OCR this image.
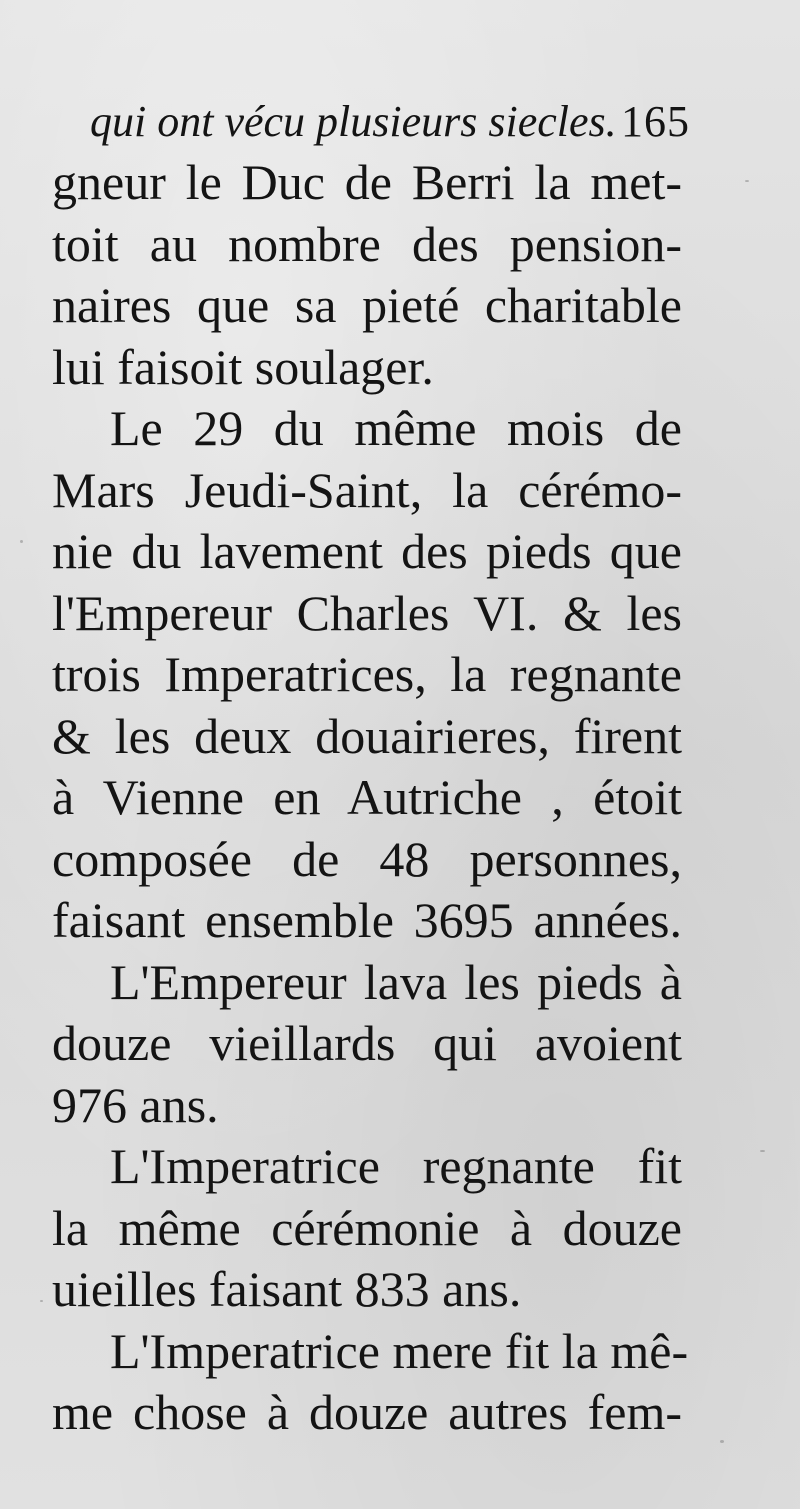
qui ont vécu plusieurs siecles. 165
gneur le Duc de Berri la met-
toit au nombre des pension-
naires que sa pieté charitable
lui faisoit soulager.
Le 29 du même mois de
Mars Jeudi-Saint, la cérémo-
nie du lavement des pieds que
l'Empereur Charles VI. & les
trois Imperatrices, la regnante
& les deux douairieres, firent
à Vienne en Autriche , étoit
composée de 48 personnes,
faisant ensemble 3695 années.
L'Empereur lava les pieds à
douze vieillards qui avoient
976 ans.
L'Imperatrice regnante fit
la même cérémonie à douze
uieilles faisant 833 ans.
L'Imperatrice mere fit la mê-
me chose à douze autres fem-
